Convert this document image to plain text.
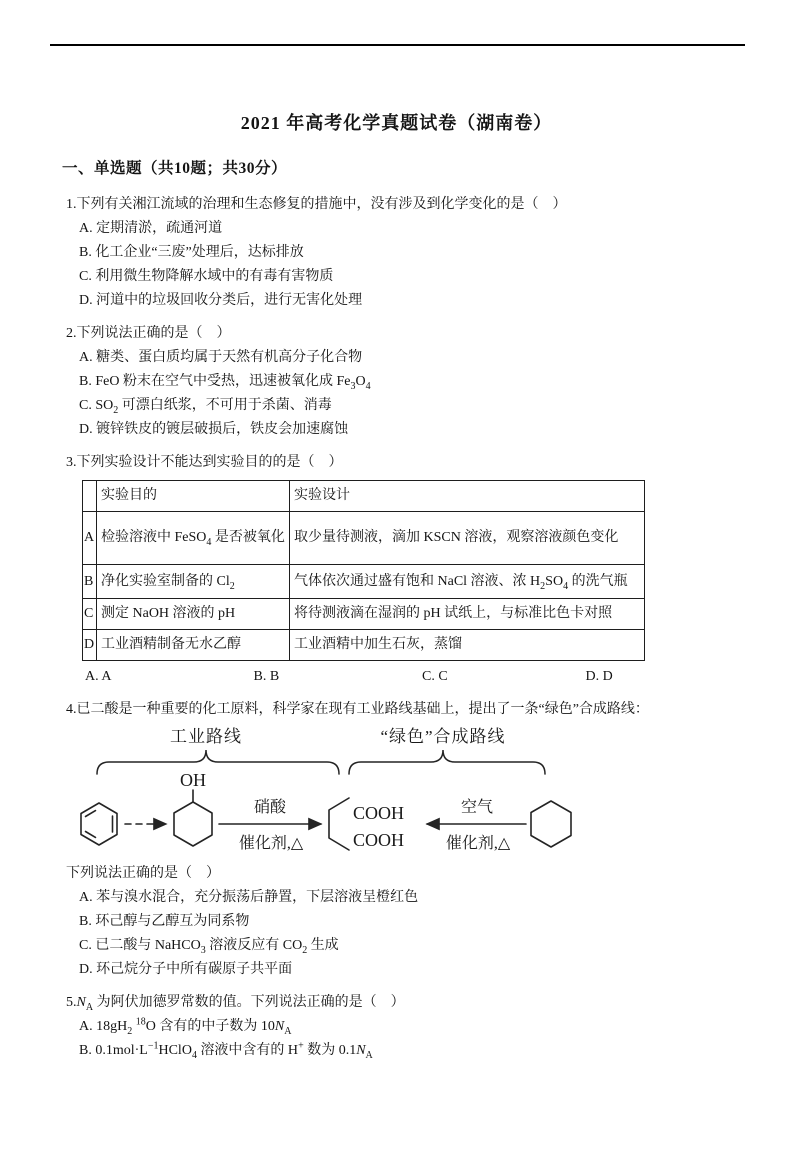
2021 年高考化学真题试卷（湖南卷）
一、单选题（共10题；共30分）
1.下列有关湘江流域的治理和生态修复的措施中，没有涉及到化学变化的是（　）
A. 定期清淤，疏通河道
B. 化工企业“三废”处理后，达标排放
C. 利用微生物降解水域中的有毒有害物质
D. 河道中的垃圾回收分类后，进行无害化处理
2.下列说法正确的是（　）
A. 糖类、蛋白质均属于天然有机高分子化合物
B. FeO 粉末在空气中受热，迅速被氧化成 $Fe_3O_4$
C. $SO_2$ 可漂白纸浆，不可用于杀菌、消毒
D. 镀锌铁皮的镀层破损后，铁皮会加速腐蚀
3.下列实验设计不能达到实验目的的是（　）
	实验目的	实验设计
A	检验溶液中 FeSO$_4$ 是否被氧化	取少量待测液，滴加 KSCN 溶液，观察溶液颜色变化
B	净化实验室制备的 $Cl_2$	气体依次通过盛有饱和 NaCl 溶液、浓 $H_2SO_4$ 的洗气瓶
C	测定 NaOH 溶液的 pH	将待测液滴在湿润的 pH 试纸上，与标准比色卡对照
D	工业酒精制备无水乙醇	工业酒精中加生石灰，蒸馏
A. A	B. B	C. C	D. D
4.已二酸是一种重要的化工原料，科学家在现有工业路线基础上，提出了一条“绿色”合成路线：
工业路线	“绿色”合成路线
OH
硝酸
催化剂,△
COOH
COOH
空气
催化剂,△
下列说法正确的是（　）
A. 苯与溴水混合，充分振荡后静置，下层溶液呈橙红色
B. 环己醇与乙醇互为同系物
C. 已二酸与 NaHCO$_3$ 溶液反应有 $CO_2$ 生成
D. 环己烷分子中所有碳原子共平面
$5.N_A$ 为阿伏加德罗常数的值。下列说法正确的是（　）
A. $18gH_2$ $^{18}$O 含有的中子数为 $10N_A$
B. $0.1mol\cdot L^{-1}HClO_4$ 溶液中含有的 H+ 数为 $0.1N_A$
